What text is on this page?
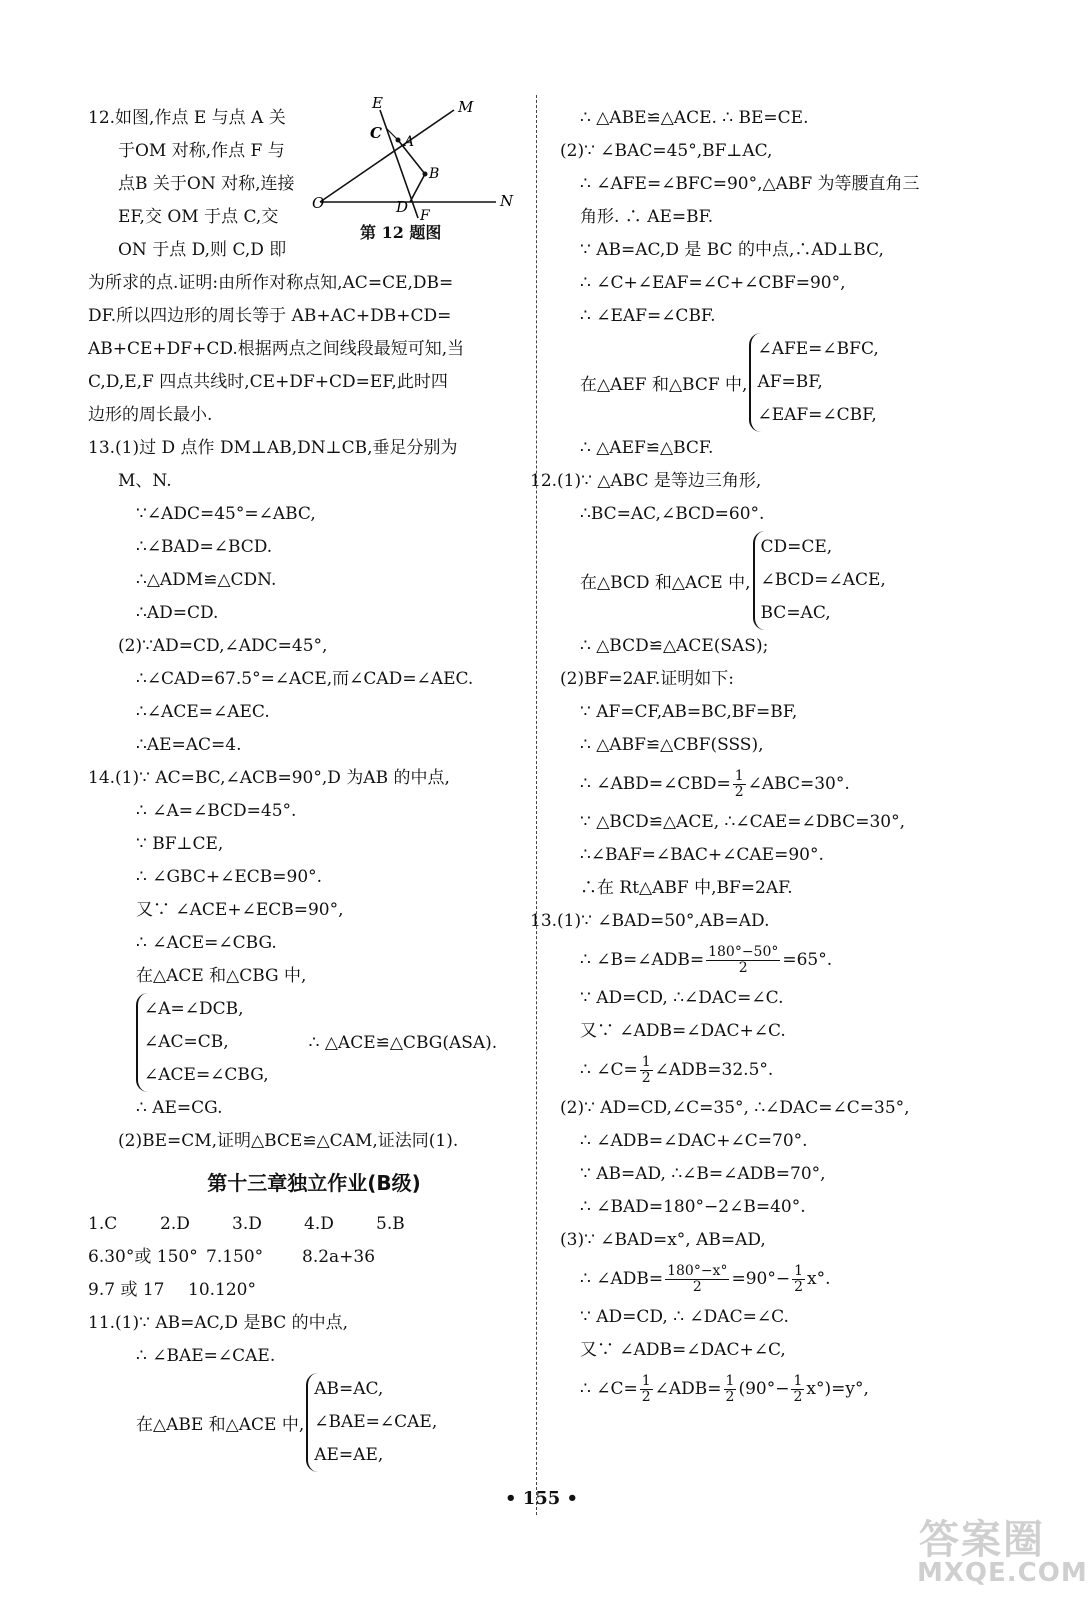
12.如图,作点 E 与点 A 关
于OM 对称,作点 F 与
点B 关于ON 对称,连接
EF,交 OM 于点 C,交
ON 于点 D,则 C,D 即
E	M
C A
B
O	D F
N
第 12 题图
为所求的点.证明:由所作对称点知,AC=CE,DB=
DF.所以四边形的周长等于 AB+AC+DB+CD=
AB+CE+DF+CD.根据两点之间线段最短可知,当
C,D,E,F 四点共线时,CE+DF+CD=EF,此时四
边形的周长最小.
13.(1)过 D 点作 DM⊥AB,DN⊥CB,垂足分别为
M、N.
∵∠ADC=45°=∠ABC,
∴∠BAD=∠BCD.
∴△ADM≌△CDN.
∴AD=CD.
(2)∵AD=CD,∠ADC=45°,
∴∠CAD=67.5°=∠ACE,而∠CAD=∠AEC.
∴∠ACE=∠AEC.
∴AE=AC=4.
14.(1)∵ AC=BC,∠ACB=90°,D 为AB 的中点,
∴ ∠A=∠BCD=45°.
∵ BF⊥CE,
∴ ∠GBC+∠ECB=90°.
又∵ ∠ACE+∠ECB=90°,
∴ ∠ACE=∠CBG.
在△ACE 和△CBG 中,
∠A=∠DCB,
∠AC=CB,
∠ACE=∠CBG,
∴ △ACE≌△CBG(ASA).
∴ AE=CG.
(2)BE=CM,证明△BCE≌△CAM,证法同(1).
第十三章独立作业(B级)
1.C	2.D 3.D 4.D 5.B
6.30°或 150° 7.150° 8.2a+36
9.7 或 17 10.120°
11.(1)∵ AB=AC,D 是BC 的中点,
∴ ∠BAE=∠CAE.
在△ABE 和△ACE 中,
AB=AC,
∠BAE=∠CAE,
AE=AE,
∴ △ABE≌△ACE. ∴ BE=CE.
(2)∵ ∠BAC=45°,BF⊥AC,
∴ ∠AFE=∠BFC=90°,△ABF 为等腰直角三
角形. ∴ AE=BF.
∵ AB=AC,D 是 BC 的中点,∴AD⊥BC,
∴ ∠C+∠EAF=∠C+∠CBF=90°,
∴ ∠EAF=∠CBF.
在△AEF 和△BCF 中,
∠AFE=∠BFC,
AF=BF,
∠EAF=∠CBF,
∴ △AEF≌△BCF.
12.(1)∵ △ABC 是等边三角形,
∴BC=AC,∠BCD=60°.
在△BCD 和△ACE 中,
CD=CE,
∠BCD=∠ACE,
BC=AC,
∴ △BCD≌△ACE(SAS);
(2)BF=2AF.证明如下:
∵ AF=CF,AB=BC,BF=BF,
∴ △ABF≌△CBF(SSS),
∴ ∠ABD=∠CBD= $\frac{1}{2}$ ∠ABC=30°.
∵ △BCD≌△ACE, ∴∠CAE=∠DBC=30°,
∴∠BAF=∠BAC+∠CAE=90°.
∴在 Rt△ABF 中,BF=2AF.
13.(1)∵ ∠BAD=50°,AB=AD.
∴ ∠B=∠ADB= $\frac{180^\circ-50^\circ}{2} =65^\circ$.
∵ AD=CD, ∴∠DAC=∠C.
又∵ ∠ADB=∠DAC+∠C.
∴ ∠C= $\frac{1}{2}$ ∠ADB=32.5°.
(2)∵ AD=CD,∠C=35°, ∴∠DAC=∠C=35°,
∴ ∠ADB=∠DAC+∠C=70°.
∵ AB=AD, ∴∠B=∠ADB=70°,
∴ ∠BAD=180°−2∠B=40°.
(3)∵ ∠BAD=x°, AB=AD,
∴ ∠ADB= $\frac{180^\circ-x^\circ}{2} =90^\circ- \frac{1}{2} x^\circ$.
∵ AD=CD, ∴ ∠DAC=∠C.
又∵ ∠ADB=∠DAC+∠C,
∴ ∠C= $\frac{1}{2}$ ∠ADB= $\frac{1}{2} (90^\circ- \frac{1}{2} x^\circ)=y^\circ$,
• 155 •
答案圈
MXQE.COM
